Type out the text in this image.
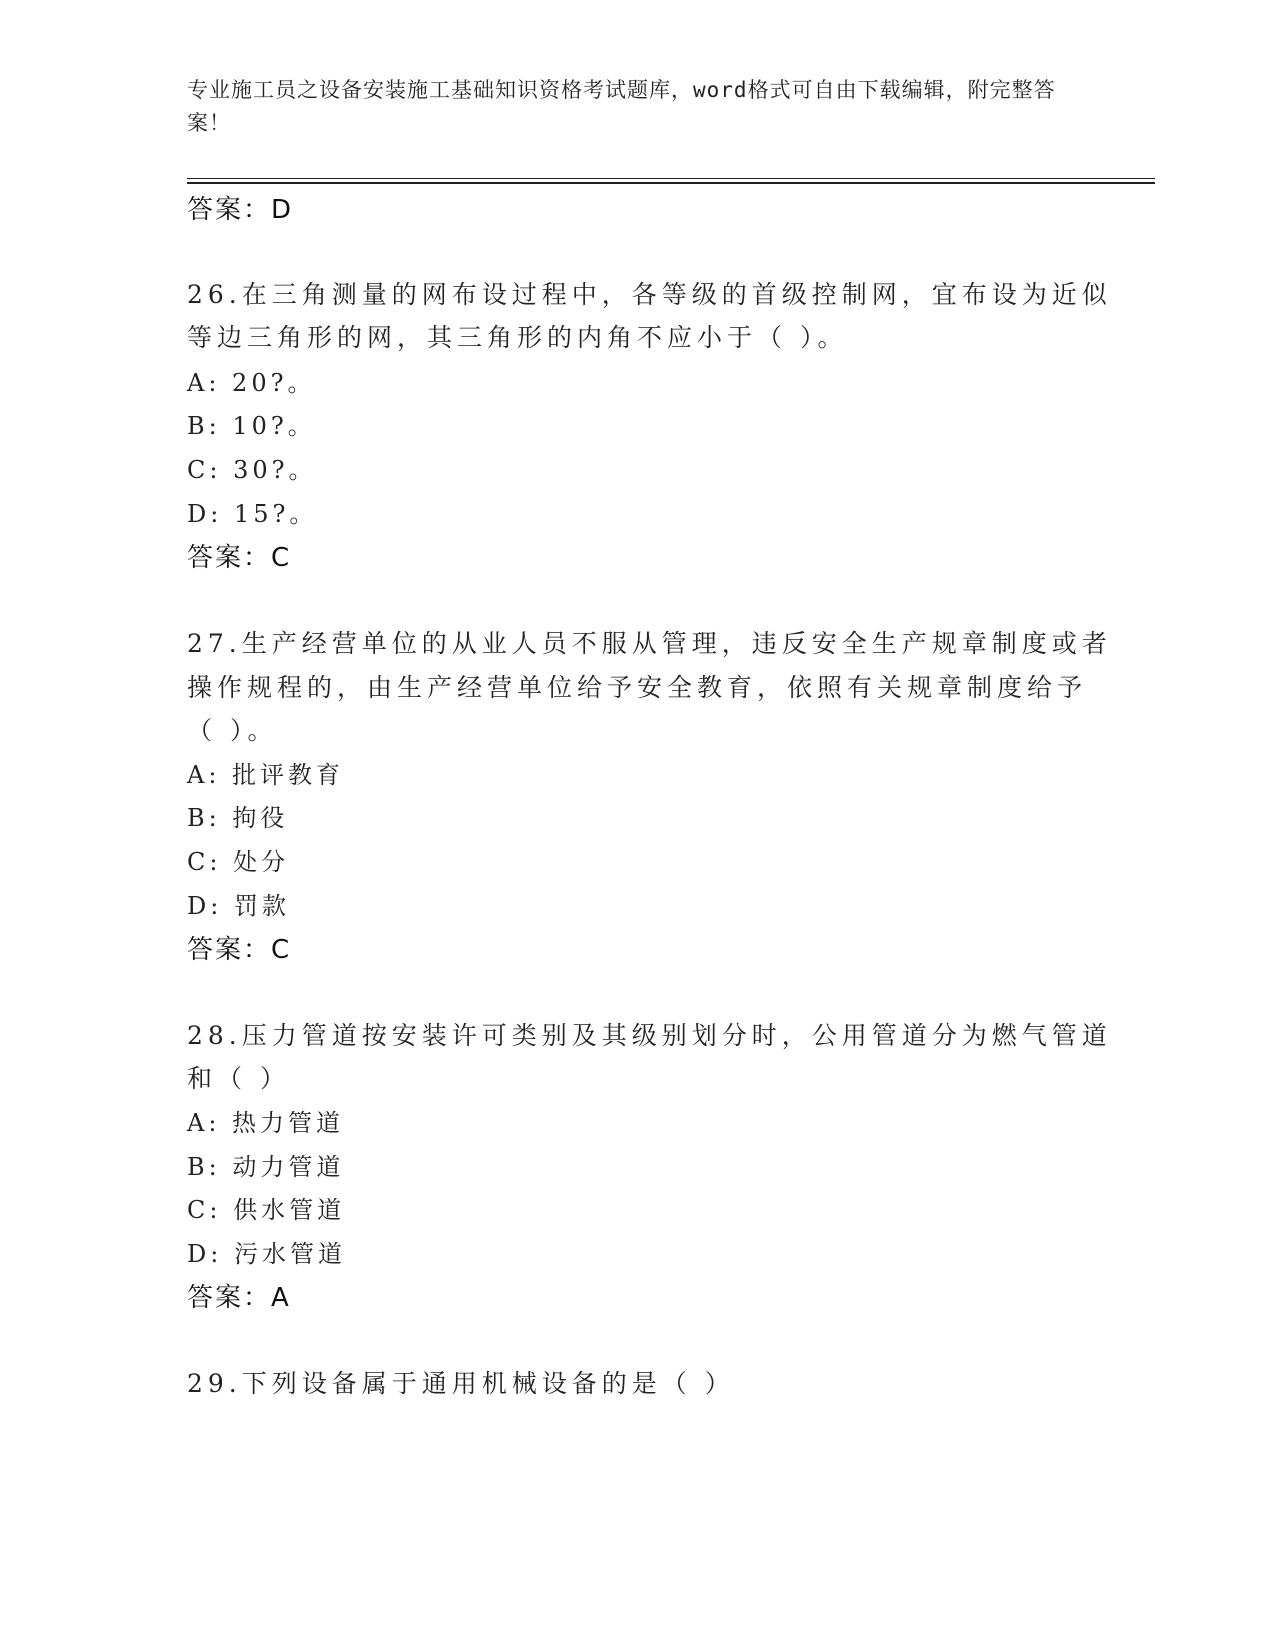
专业施工员之设备安装施工基础知识资格考试题库，word格式可自由下载编辑，附完整答案！
答案：D
26.在三角测量的网布设过程中，各等级的首级控制网，宜布设为近似
等边三角形的网，其三角形的内角不应小于（ ）。
A: 20?。
B: 10?。
C: 30?。
D: 15?。
答案：C
27.生产经营单位的从业人员不服从管理，违反安全生产规章制度或者
操作规程的，由生产经营单位给予安全教育，依照有关规章制度给予
（ ）。
A: 批评教育
B: 拘役
C: 处分
D: 罚款
答案：C
28.压力管道按安装许可类别及其级别划分时，公用管道分为燃气管道
和（ ）
A: 热力管道
B: 动力管道
C: 供水管道
D: 污水管道
答案：A
29.下列设备属于通用机械设备的是（ ）
